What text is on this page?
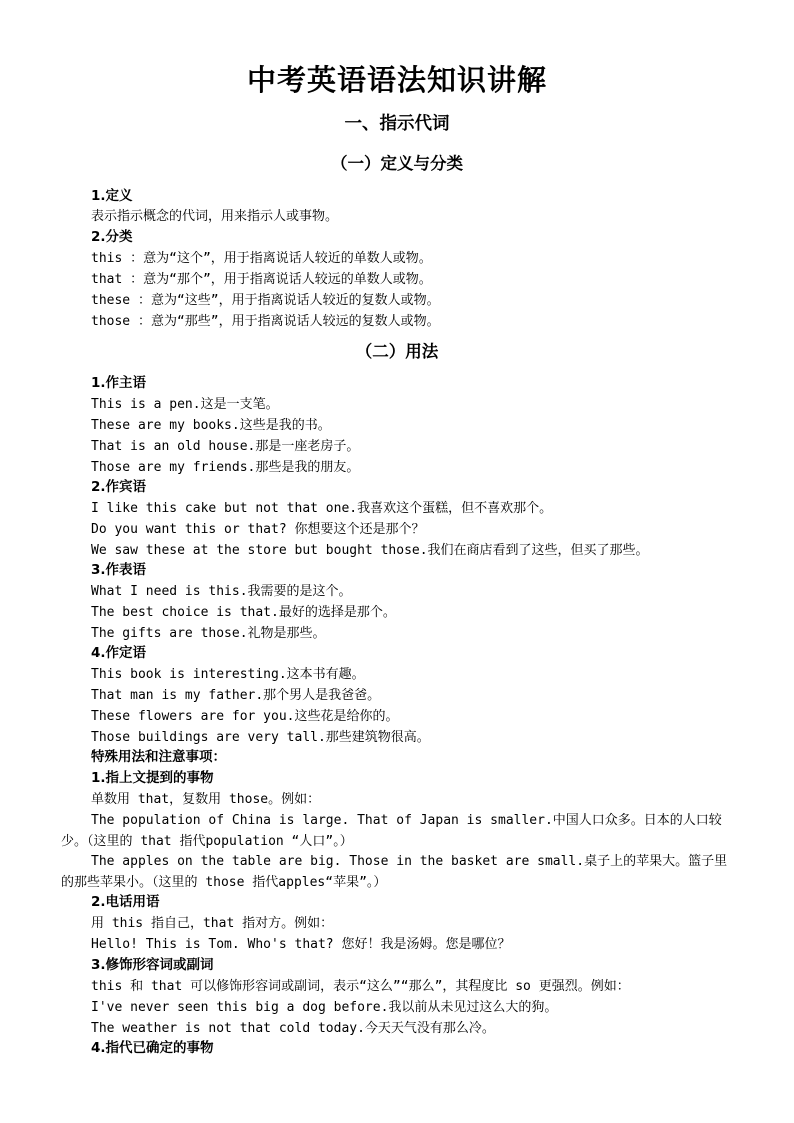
中考英语语法知识讲解
一、指示代词
（一）定义与分类
1.定义
表示指示概念的代词，用来指示人或事物。
2.分类
this ：意为“这个”，用于指离说话人较近的单数人或物。
that ：意为“那个”，用于指离说话人较远的单数人或物。
these ：意为“这些”，用于指离说话人较近的复数人或物。
those ：意为“那些”，用于指离说话人较远的复数人或物。
（二）用法
1.作主语
This is a pen.这是一支笔。
These are my books.这些是我的书。
That is an old house.那是一座老房子。
Those are my friends.那些是我的朋友。
2.作宾语
I like this cake but not that one.我喜欢这个蛋糕，但不喜欢那个。
Do you want this or that? 你想要这个还是那个？
We saw these at the store but bought those.我们在商店看到了这些，但买了那些。
3.作表语
What I need is this.我需要的是这个。
The best choice is that.最好的选择是那个。
The gifts are those.礼物是那些。
4.作定语
This book is interesting.这本书有趣。
That man is my father.那个男人是我爸爸。
These flowers are for you.这些花是给你的。
Those buildings are very tall.那些建筑物很高。
特殊用法和注意事项：
1.指上文提到的事物
单数用 that，复数用 those。例如：

The population of China is large. That of Japan is smaller.中国人口众多。日本的人口较少。（这里的 that 指代population “人口”。）

The apples on the table are big. Those in the basket are small.桌子上的苹果大。篮子里的那些苹果小。（这里的 those 指代apples“苹果”。）

2.电话用语
用 this 指自己，that 指对方。例如：
Hello! This is Tom. Who's that? 您好！我是汤姆。您是哪位？
3.修饰形容词或副词
this 和 that 可以修饰形容词或副词，表示“这么”“那么”，其程度比 so 更强烈。例如：
I've never seen this big a dog before.我以前从未见过这么大的狗。
The weather is not that cold today.今天天气没有那么冷。
4.指代已确定的事物
